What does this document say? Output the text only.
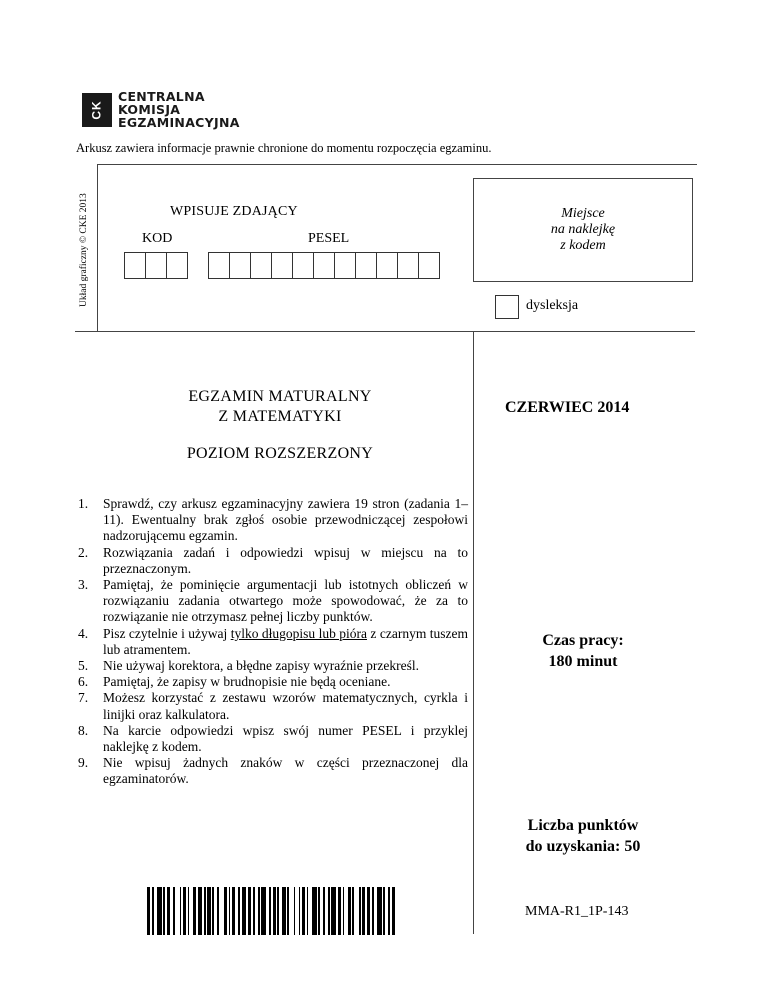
CK
CENTRALNA
KOMISJA
EGZAMINACYJNA
Arkusz zawiera informacje prawnie chronione do momentu rozpoczęcia egzaminu.
Układ graficzny © CKE 2013	WPISUJE ZDAJĄCY
KOD	PESEL
Miejsce
na naklejkę
z kodem
dysleksja
EGZAMIN MATURALNY
Z MATEMATYKI
POZIOM ROZSZERZONY
CZERWIEC 2014
1.	Sprawdź, czy arkusz egzaminacyjny zawiera 19 stron (zadania 1–11). Ewentualny brak zgłoś osobie przewodniczącej zespołowi nadzorującemu egzamin.
2.	Rozwiązania zadań i odpowiedzi wpisuj w miejscu na to przeznaczonym.
3.	Pamiętaj, że pominięcie argumentacji lub istotnych obliczeń w rozwiązaniu zadania otwartego może spowodować, że za to rozwiązanie nie otrzymasz pełnej liczby punktów.
4.	Pisz czytelnie i używaj tylko długopisu lub pióra z czarnym tuszem lub atramentem.
5.	Nie używaj korektora, a błędne zapisy wyraźnie przekreśl.
6.	Pamiętaj, że zapisy w brudnopisie nie będą oceniane.
7.	Możesz korzystać z zestawu wzorów matematycznych, cyrkla i linijki oraz kalkulatora.
8.	Na karcie odpowiedzi wpisz swój numer PESEL i przyklej naklejkę z kodem.
9.	Nie wpisuj żadnych znaków w części przeznaczonej dla egzaminatorów.
Czas pracy:
180 minut
Liczba punktów
do uzyskania: 50
MMA-R1_1P-143
